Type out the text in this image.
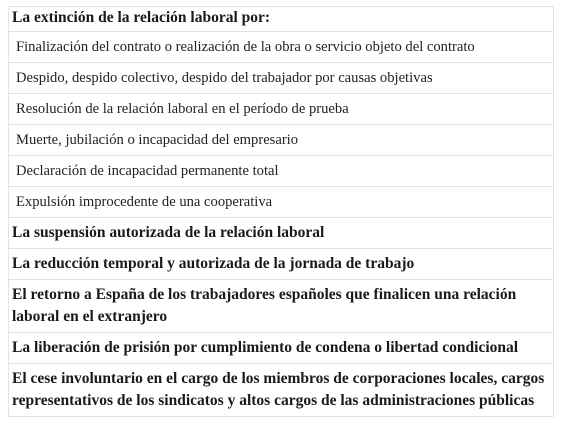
La extinción de la relación laboral por:
Finalización del contrato o realización de la obra o servicio objeto del contrato
Despido, despido colectivo, despido del trabajador por causas objetivas
Resolución de la relación laboral en el período de prueba
Muerte, jubilación o incapacidad del empresario
Declaración de incapacidad permanente total
Expulsión improcedente de una cooperativa
La suspensión autorizada de la relación laboral
La reducción temporal y autorizada de la jornada de trabajo
El retorno a España de los trabajadores españoles que finalicen una relación laboral en el extranjero
La liberación de prisión por cumplimiento de condena o libertad condicional
El cese involuntario en el cargo de los miembros de corporaciones locales, cargos representativos de los sindicatos y altos cargos de las administraciones públicas
